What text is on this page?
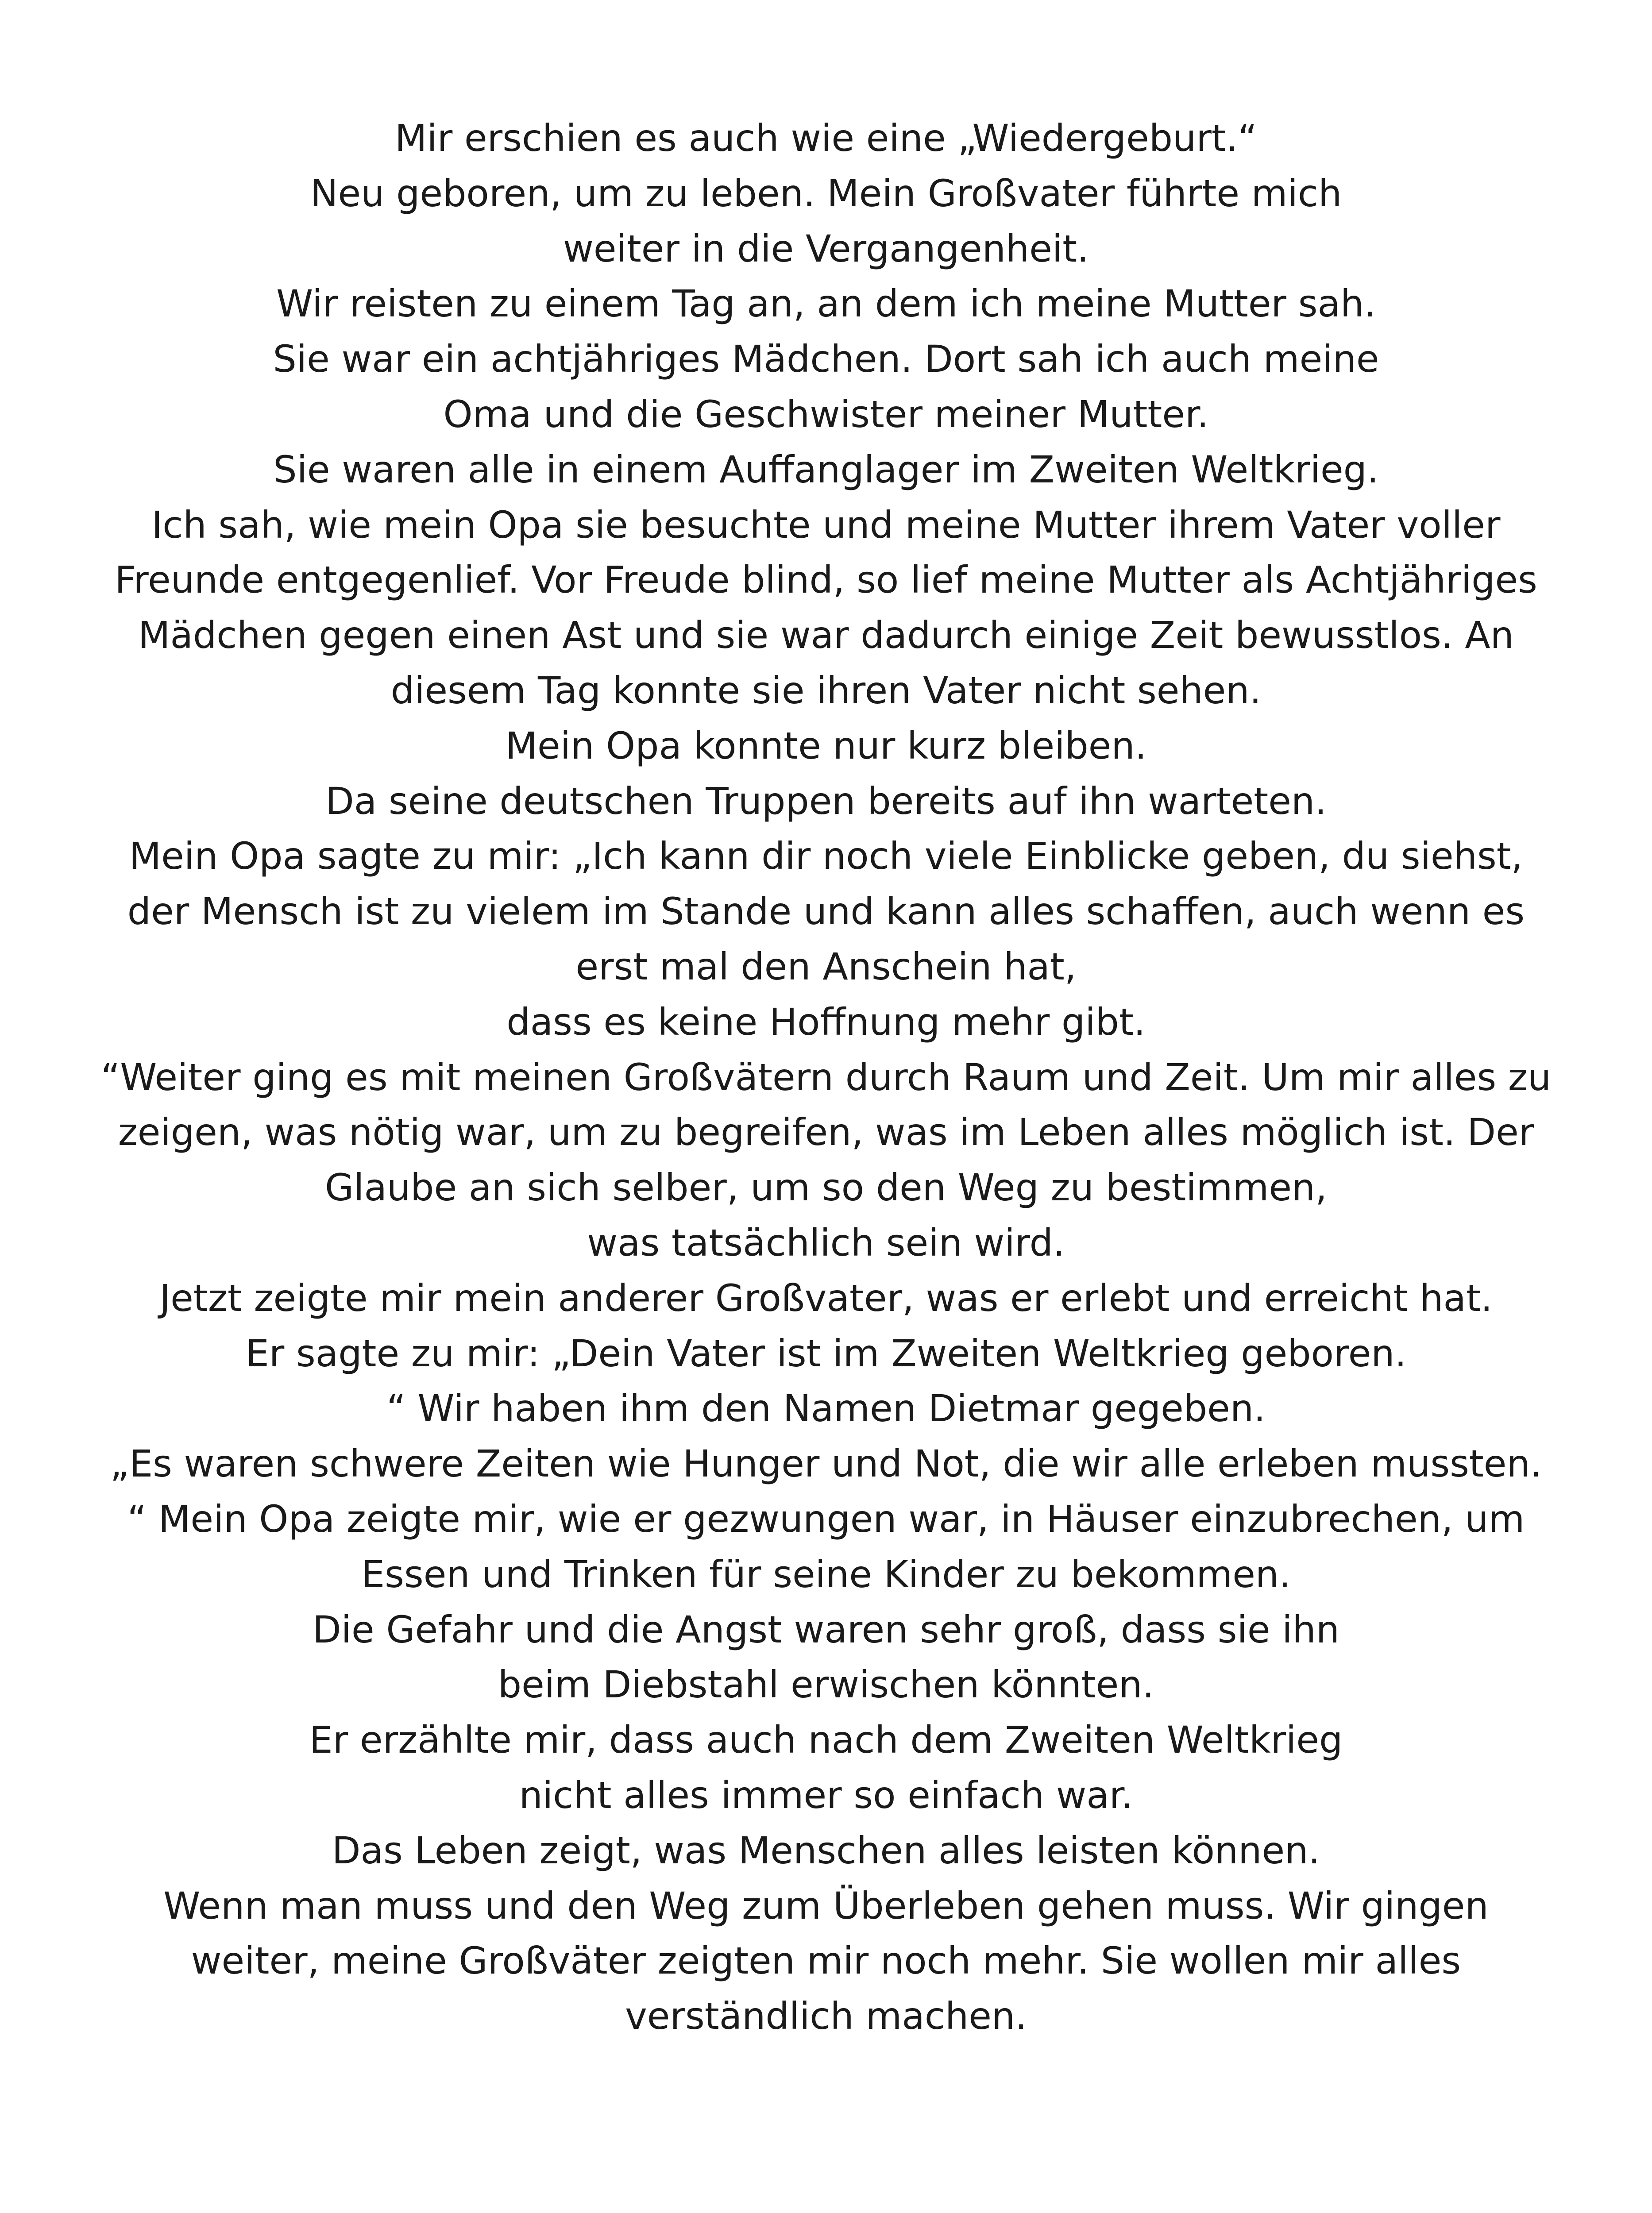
Mir erschien es auch wie eine „Wiedergeburt.“
Neu geboren, um zu leben. Mein Großvater führte mich
weiter in die Vergangenheit.
Wir reisten zu einem Tag an, an dem ich meine Mutter sah.
Sie war ein achtjähriges Mädchen. Dort sah ich auch meine
Oma und die Geschwister meiner Mutter.
Sie waren alle in einem Auffanglager im Zweiten Weltkrieg.
Ich sah, wie mein Opa sie besuchte und meine Mutter ihrem Vater voller
Freunde entgegenlief. Vor Freude blind, so lief meine Mutter als Achtjähriges
Mädchen gegen einen Ast und sie war dadurch einige Zeit bewusstlos. An
diesem Tag konnte sie ihren Vater nicht sehen.
Mein Opa konnte nur kurz bleiben.
Da seine deutschen Truppen bereits auf ihn warteten.
Mein Opa sagte zu mir: „Ich kann dir noch viele Einblicke geben, du siehst,
der Mensch ist zu vielem im Stande und kann alles schaffen, auch wenn es
erst mal den Anschein hat,
dass es keine Hoffnung mehr gibt.
“Weiter ging es mit meinen Großvätern durch Raum und Zeit. Um mir alles zu
zeigen, was nötig war, um zu begreifen, was im Leben alles möglich ist. Der
Glaube an sich selber, um so den Weg zu bestimmen,
was tatsächlich sein wird.
Jetzt zeigte mir mein anderer Großvater, was er erlebt und erreicht hat.
Er sagte zu mir: „Dein Vater ist im Zweiten Weltkrieg geboren.
“ Wir haben ihm den Namen Dietmar gegeben.
„Es waren schwere Zeiten wie Hunger und Not, die wir alle erleben mussten.
“ Mein Opa zeigte mir, wie er gezwungen war, in Häuser einzubrechen, um
Essen und Trinken für seine Kinder zu bekommen.
Die Gefahr und die Angst waren sehr groß, dass sie ihn
beim Diebstahl erwischen könnten.
Er erzählte mir, dass auch nach dem Zweiten Weltkrieg
nicht alles immer so einfach war.
Das Leben zeigt, was Menschen alles leisten können.
Wenn man muss und den Weg zum Überleben gehen muss. Wir gingen
weiter, meine Großväter zeigten mir noch mehr. Sie wollen mir alles
verständlich machen.
